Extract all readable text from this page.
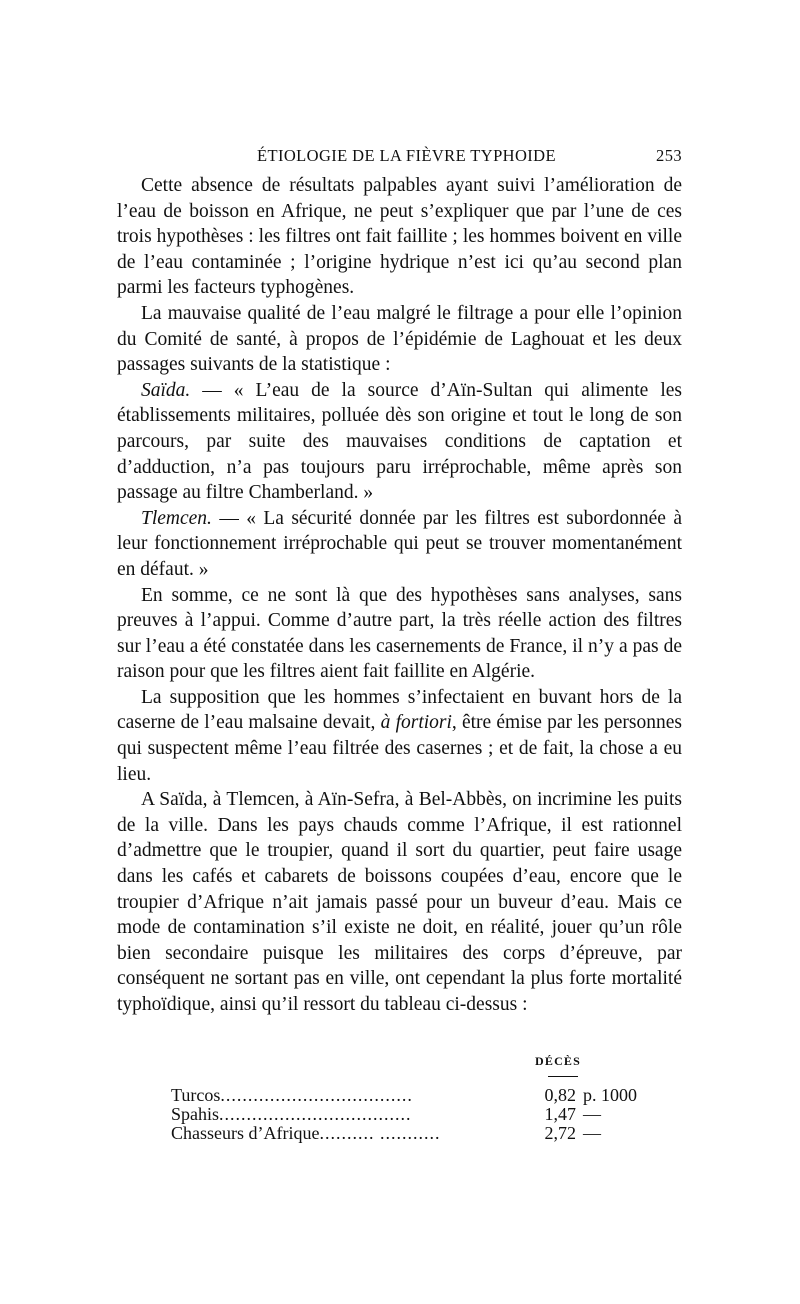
ÉTIOLOGIE DE LA FIÈVRE TYPHOIDE	253

Cette absence de résultats palpables ayant suivi l’amélioration de l’eau de boisson en Afrique, ne peut s’expliquer que par l’une de ces trois hypothèses : les filtres ont fait faillite ; les hommes boivent en ville de l’eau contaminée ; l’origine hydrique n’est ici qu’au second plan parmi les facteurs typhogènes.

La mauvaise qualité de l’eau malgré le filtrage a pour elle l’opinion du Comité de santé, à propos de l’épidémie de Laghouat et les deux passages suivants de la statistique :

Saïda. — « L’eau de la source d’Aïn-Sultan qui alimente les établissements militaires, polluée dès son origine et tout le long de son parcours, par suite des mauvaises conditions de captation et d’adduction, n’a pas toujours paru irréprochable, même après son passage au filtre Chamberland. »

Tlemcen. — « La sécurité donnée par les filtres est subordonnée à leur fonctionnement irréprochable qui peut se trouver momentanément en défaut. »

En somme, ce ne sont là que des hypothèses sans analyses, sans preuves à l’appui. Comme d’autre part, la très réelle action des filtres sur l’eau a été constatée dans les casernements de France, il n’y a pas de raison pour que les filtres aient fait faillite en Algérie.

La supposition que les hommes s’infectaient en buvant hors de la caserne de l’eau malsaine devait, à fortiori, être émise par les personnes qui suspectent même l’eau filtrée des casernes ; et de fait, la chose a eu lieu.

A Saïda, à Tlemcen, à Aïn-Sefra, à Bel-Abbès, on incrimine les puits de la ville. Dans les pays chauds comme l’Afrique, il est rationnel d’admettre que le troupier, quand il sort du quartier, peut faire usage dans les cafés et cabarets de boissons coupées d’eau, encore que le troupier d’Afrique n’ait jamais passé pour un buveur d’eau. Mais ce mode de contamination s’il existe ne doit, en réalité, jouer qu’un rôle bien secondaire puisque les militaires des corps d’épreuve, par conséquent ne sortant pas en ville, ont cependant la plus forte mortalité typhoïdique, ainsi qu’il ressort du tableau ci-dessus :

DÉCÈS
Turcos...................................	0,82 p. 1000
Spahis...................................	1,47 —
Chasseurs d’Afrique.......... ...........	2,72 —
